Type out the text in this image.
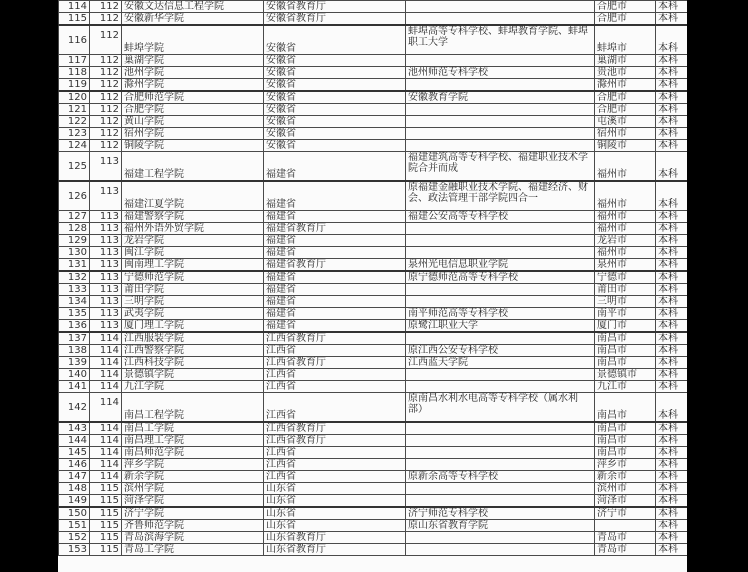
114	112	安徽文达信息工程学院	安徽省教育厅		合肥市	本科
115	112	安徽新华学院	安徽省教育厅		合肥市	本科
116	112	蚌埠学院	安徽省	蚌埠高等专科学校、蚌埠教育学院、蚌埠职工大学	蚌埠市	本科
117	112	巢湖学院	安徽省		巢湖市	本科
118	112	池州学院	安徽省	池州师范专科学校	贵池市	本科
119	112	滁州学院	安徽省		滁州市	本科
120	112	合肥师范学院	安徽省	安徽教育学院	合肥市	本科
121	112	合肥学院	安徽省		合肥市	本科
122	112	黄山学院	安徽省		屯溪市	本科
123	112	宿州学院	安徽省		宿州市	本科
124	112	铜陵学院	安徽省		铜陵市	本科
125	113	福建工程学院	福建省	福建建筑高等专科学校、福建职业技术学院合并而成	福州市	本科
126	113	福建江夏学院	福建省	原福建金融职业技术学院、福建经济、财会、政法管理干部学院四合一	福州市	本科
127	113	福建警察学院	福建省	福建公安高等专科学校	福州市	本科
128	113	福州外语外贸学院	福建省教育厅		福州市	本科
129	113	龙岩学院	福建省		龙岩市	本科
130	113	闽江学院	福建省		福州市	本科
131	113	闽南理工学院	福建省教育厅	泉州光电信息职业学院	泉州市	本科
132	113	宁德师范学院	福建省	原宁德师范高等专科学校	宁德市	本科
133	113	莆田学院	福建省		莆田市	本科
134	113	三明学院	福建省		三明市	本科
135	113	武夷学院	福建省	南平师范高等专科学校	南平市	本科
136	113	厦门理工学院	福建省	原鹭江职业大学	厦门市	本科
137	114	江西服装学院	江西省教育厅		南昌市	本科
138	114	江西警察学院	江西省	原江西公安专科学校	南昌市	本科
139	114	江西科技学院	江西省教育厅	江西蓝天学院	南昌市	本科
140	114	景德镇学院	江西省		景德镇市	本科
141	114	九江学院	江西省		九江市	本科
142	114	南昌工程学院	江西省	原南昌水利水电高等专科学校（属水利部）	南昌市	本科
143	114	南昌工学院	江西省教育厅		南昌市	本科
144	114	南昌理工学院	江西省教育厅		南昌市	本科
145	114	南昌师范学院	江西省		南昌市	本科
146	114	萍乡学院	江西省		萍乡市	本科
147	114	新余学院	江西省	原新余高等专科学校	新余市	本科
148	115	滨州学院	山东省		滨州市	本科
149	115	菏泽学院	山东省		菏泽市	本科
150	115	济宁学院	山东省	济宁师范专科学校	济宁市	本科
151	115	齐鲁师范学院	山东省	原山东省教育学院		本科
152	115	青岛滨海学院	山东省教育厅		青岛市	本科
153	115	青岛工学院	山东省教育厅		青岛市	本科
